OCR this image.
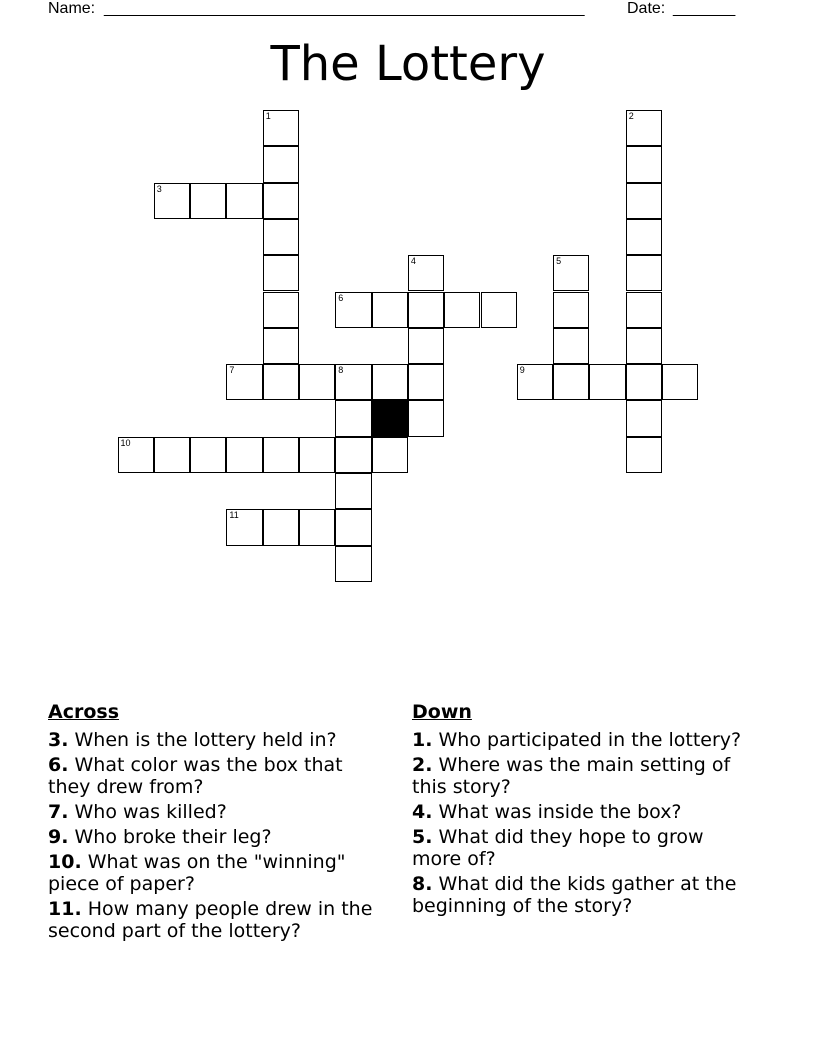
Name: ______________________________________________________	Date: _______
The Lottery
1	2
3
4	5
6
7	8	9
10
11
Across
3. When is the lottery held in?
6. What color was the box that they drew from?
7. Who was killed?
9. Who broke their leg?
10. What was on the "winning" piece of paper?
11. How many people drew in the second part of the lottery?
Down
1. Who participated in the lottery?
2. Where was the main setting of this story?
4. What was inside the box?
5. What did they hope to grow more of?
8. What did the kids gather at the beginning of the story?
